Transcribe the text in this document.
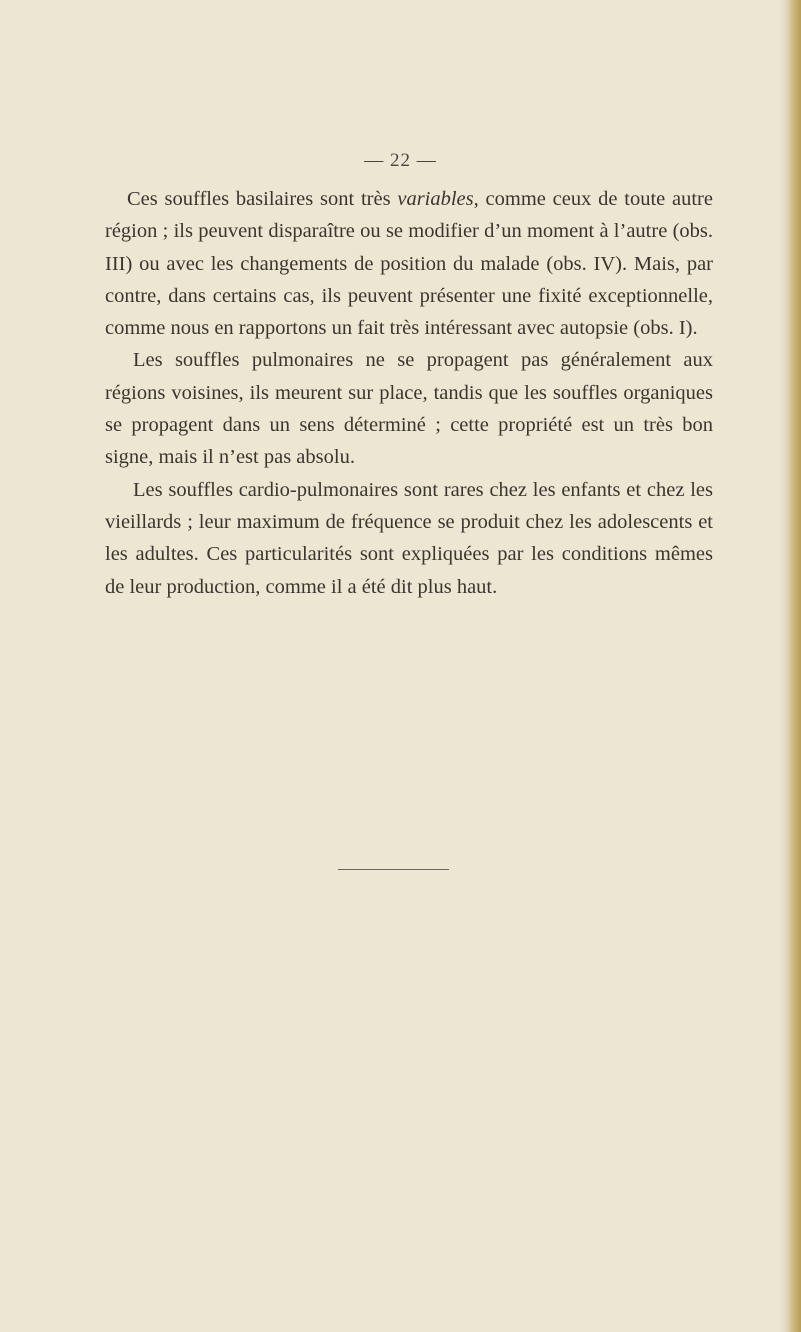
— 22 —

Ces souffles basilaires sont très variables, comme ceux de toute autre région ; ils peuvent disparaître ou se modifier d’un moment à l’autre (obs. III) ou avec les changements de position du malade (obs. IV). Mais, par contre, dans certains cas, ils peuvent présenter une fixité exceptionnelle, comme nous en rapportons un fait très intéressant avec autopsie (obs. I).

Les souffles pulmonaires ne se propagent pas généralement aux régions voisines, ils meurent sur place, tandis que les souffles organiques se propagent dans un sens déterminé ; cette propriété est un très bon signe, mais il n’est pas absolu.

Les souffles cardio-pulmonaires sont rares chez les enfants et chez les vieillards ; leur maximum de fréquence se produit chez les adolescents et les adultes. Ces particularités sont expliquées par les conditions mêmes de leur production, comme il a été dit plus haut.
